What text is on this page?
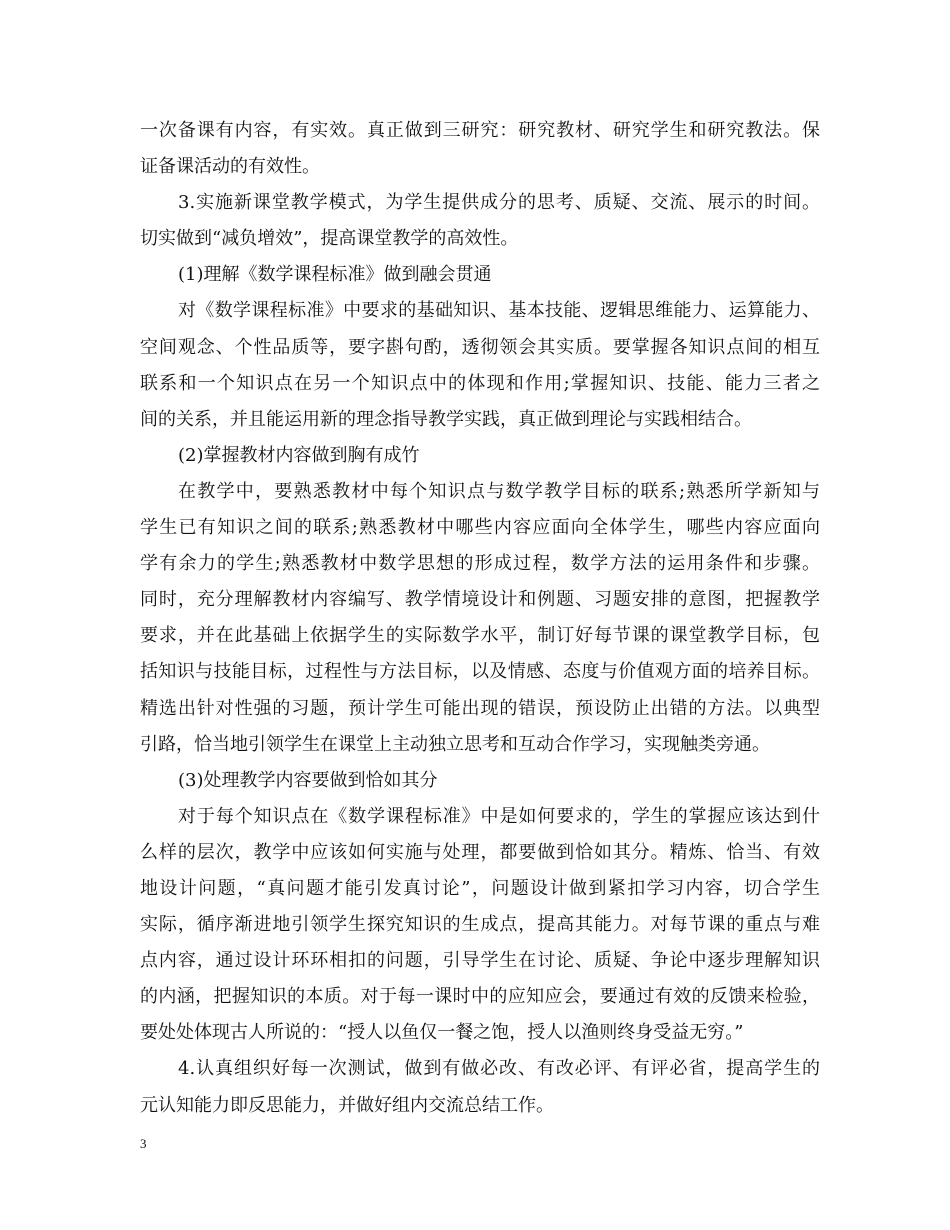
一次备课有内容，有实效。真正做到三研究：研究教材、研究学生和研究教法。保
证备课活动的有效性。
3.实施新课堂教学模式，为学生提供成分的思考、质疑、交流、展示的时间。
切实做到“减负增效”，提高课堂教学的高效性。
(1)理解《数学课程标准》做到融会贯通
对《数学课程标准》中要求的基础知识、基本技能、逻辑思维能力、运算能力、
空间观念、个性品质等，要字斟句酌，透彻领会其实质。要掌握各知识点间的相互
联系和一个知识点在另一个知识点中的体现和作用;掌握知识、技能、能力三者之
间的关系，并且能运用新的理念指导教学实践，真正做到理论与实践相结合。
(2)掌握教材内容做到胸有成竹
在教学中，要熟悉教材中每个知识点与数学教学目标的联系;熟悉所学新知与
学生已有知识之间的联系;熟悉教材中哪些内容应面向全体学生，哪些内容应面向
学有余力的学生;熟悉教材中数学思想的形成过程，数学方法的运用条件和步骤。
同时，充分理解教材内容编写、教学情境设计和例题、习题安排的意图，把握教学
要求，并在此基础上依据学生的实际数学水平，制订好每节课的课堂教学目标，包
括知识与技能目标，过程性与方法目标，以及情感、态度与价值观方面的培养目标。
精选出针对性强的习题，预计学生可能出现的错误，预设防止出错的方法。以典型
引路，恰当地引领学生在课堂上主动独立思考和互动合作学习，实现触类旁通。
(3)处理教学内容要做到恰如其分
对于每个知识点在《数学课程标准》中是如何要求的，学生的掌握应该达到什
么样的层次，教学中应该如何实施与处理，都要做到恰如其分。精炼、恰当、有效
地设计问题，“真问题才能引发真讨论”，问题设计做到紧扣学习内容，切合学生
实际，循序渐进地引领学生探究知识的生成点，提高其能力。对每节课的重点与难
点内容，通过设计环环相扣的问题，引导学生在讨论、质疑、争论中逐步理解知识
的内涵，把握知识的本质。对于每一课时中的应知应会，要通过有效的反馈来检验，
要处处体现古人所说的：“授人以鱼仅一餐之饱，授人以渔则终身受益无穷。”
4.认真组织好每一次测试，做到有做必改、有改必评、有评必省，提高学生的
元认知能力即反思能力，并做好组内交流总结工作。
3
